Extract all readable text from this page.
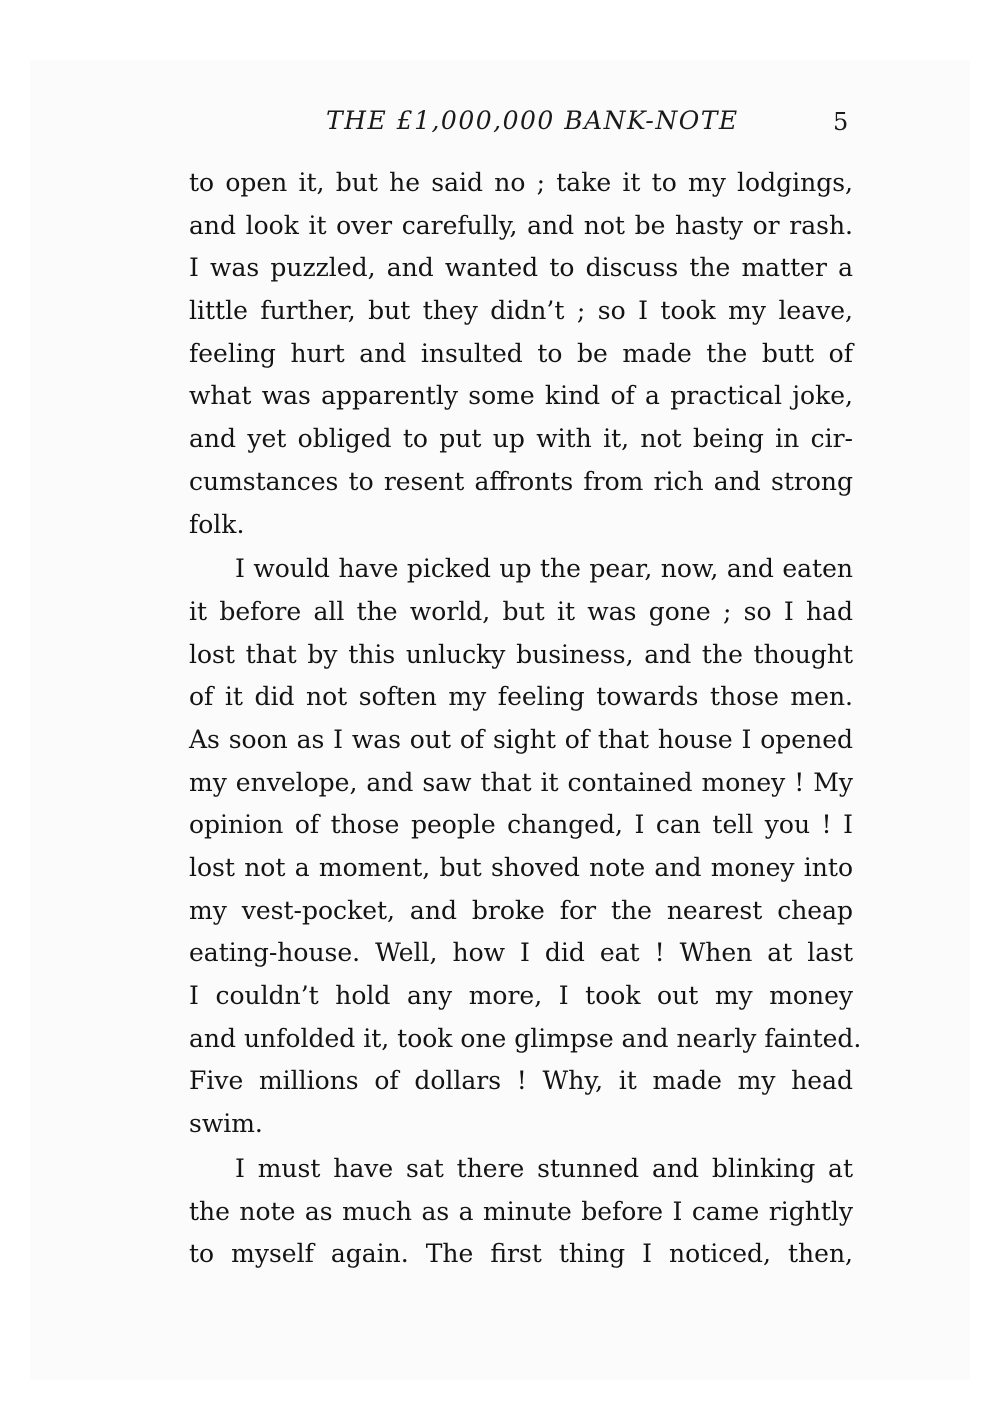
THE £1,000,000 BANK-NOTE	5
to open it, but he said no ; take it to my lodgings,
and look it over carefully, and not be hasty or rash.
I was puzzled, and wanted to discuss the matter a
little further, but they didn’t ; so I took my leave,
feeling hurt and insulted to be made the butt of
what was apparently some kind of a practical joke,
and yet obliged to put up with it, not being in cir-
cumstances to resent affronts from rich and strong
folk.
I would have picked up the pear, now, and eaten
it before all the world, but it was gone ; so I had
lost that by this unlucky business, and the thought
of it did not soften my feeling towards those men.
As soon as I was out of sight of that house I opened
my envelope, and saw that it contained money ! My
opinion of those people changed, I can tell you ! I
lost not a moment, but shoved note and money into
my vest-pocket, and broke for the nearest cheap
eating-house. Well, how I did eat ! When at last
I couldn’t hold any more, I took out my money
and unfolded it, took one glimpse and nearly fainted.
Five millions of dollars ! Why, it made my head
swim.
I must have sat there stunned and blinking at
the note as much as a minute before I came rightly
to myself again. The first thing I noticed, then,
